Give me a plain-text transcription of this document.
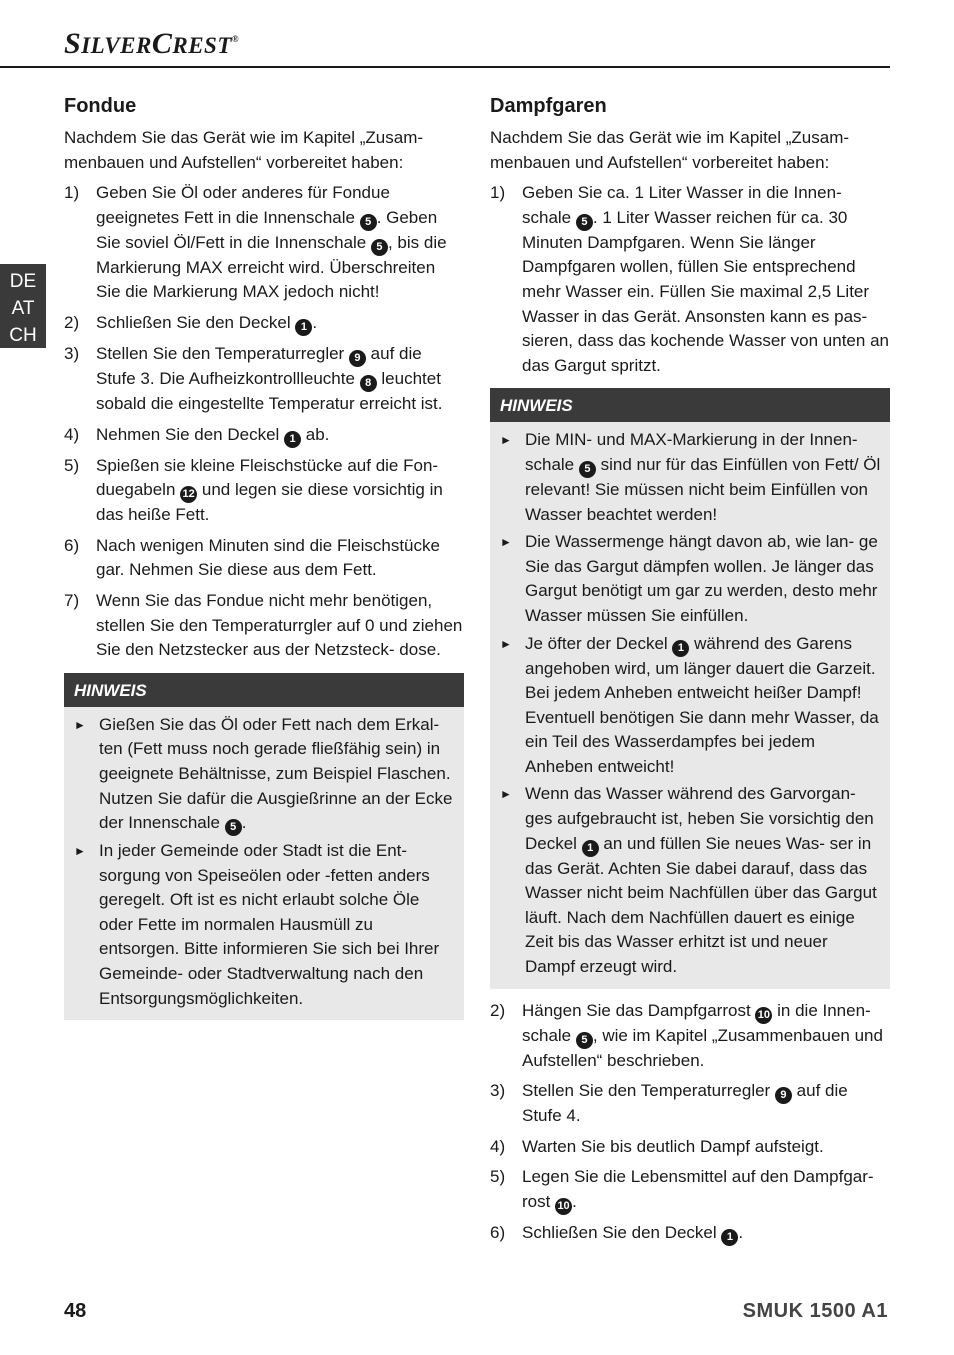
SILVERCREST®
DE
AT
CH
Fondue

Nachdem Sie das Gerät wie im Kapitel „Zusam- menbauen und Aufstellen“ vorbereitet haben:

1) Geben Sie Öl oder anderes für Fondue geeignetes Fett in die Innenschale 5 . Geben Sie soviel Öl/Fett in die Innenschale 5 , bis die Markierung MAX erreicht wird. Überschreiten Sie die Markierung MAX jedoch nicht!
2) Schließen Sie den Deckel 1 .
3) Stellen Sie den Temperaturregler 9 auf die Stufe 3. Die Aufheizkontrollleuchte 8 leuchtet sobald die eingestellte Temperatur erreicht ist.
4) Nehmen Sie den Deckel 1 ab.
5) Spießen sie kleine Fleischstücke auf die Fon- duegabeln 12 und legen sie diese vorsichtig in das heiße Fett.
6) Nach wenigen Minuten sind die Fleischstücke gar. Nehmen Sie diese aus dem Fett.
7) Wenn Sie das Fondue nicht mehr benötigen, stellen Sie den Temperaturrgler auf 0 und ziehen Sie den Netzstecker aus der Netzsteck- dose.
HINWEIS
► Gießen Sie das Öl oder Fett nach dem Erkal- ten (Fett muss noch gerade fließfähig sein) in geeignete Behältnisse, zum Beispiel Flaschen. Nutzen Sie dafür die Ausgießrinne an der Ecke der Innenschale 5 .
► In jeder Gemeinde oder Stadt ist die Ent- sorgung von Speiseölen oder -fetten anders geregelt. Oft ist es nicht erlaubt solche Öle oder Fette im normalen Hausmüll zu entsorgen. Bitte informieren Sie sich bei Ihrer Gemeinde- oder Stadtverwaltung nach den Entsorgungsmöglichkeiten.
Dampfgaren

Nachdem Sie das Gerät wie im Kapitel „Zusam- menbauen und Aufstellen“ vorbereitet haben:

1) Geben Sie ca. 1 Liter Wasser in die Innen- schale 5 . 1 Liter Wasser reichen für ca. 30 Minuten Dampfgaren. Wenn Sie länger Dampfgaren wollen, füllen Sie entsprechend mehr Wasser ein. Füllen Sie maximal 2,5 Liter Wasser in das Gerät. Ansonsten kann es pas- sieren, dass das kochende Wasser von unten an das Gargut spritzt.
HINWEIS
► Die MIN- und MAX-Markierung in der Innen- schale 5 sind nur für das Einfüllen von Fett/ Öl relevant! Sie müssen nicht beim Einfüllen von Wasser beachtet werden!
► Die Wassermenge hängt davon ab, wie lan- ge Sie das Gargut dämpfen wollen. Je länger das Gargut benötigt um gar zu werden, desto mehr Wasser müssen Sie einfüllen.
► Je öfter der Deckel 1 während des Garens angehoben wird, um länger dauert die Garzeit. Bei jedem Anheben entweicht heißer Dampf! Eventuell benötigen Sie dann mehr Wasser, da ein Teil des Wasserdampfes bei jedem Anheben entweicht!
► Wenn das Wasser während des Garvorgan- ges aufgebraucht ist, heben Sie vorsichtig den Deckel 1 an und füllen Sie neues Was- ser in das Gerät. Achten Sie dabei darauf, dass das Wasser nicht beim Nachfüllen über das Gargut läuft. Nach dem Nachfüllen dauert es einige Zeit bis das Wasser erhitzt ist und neuer Dampf erzeugt wird.
2) Hängen Sie das Dampfgarrost 10 in die Innen- schale 5 , wie im Kapitel „Zusammenbauen und Aufstellen“ beschrieben.
3) Stellen Sie den Temperaturregler 9 auf die Stufe 4.
4) Warten Sie bis deutlich Dampf aufsteigt.
5) Legen Sie die Lebensmittel auf den Dampfgar- rost 10 .
6) Schließen Sie den Deckel 1 .
48	SMUK 1500 A1
